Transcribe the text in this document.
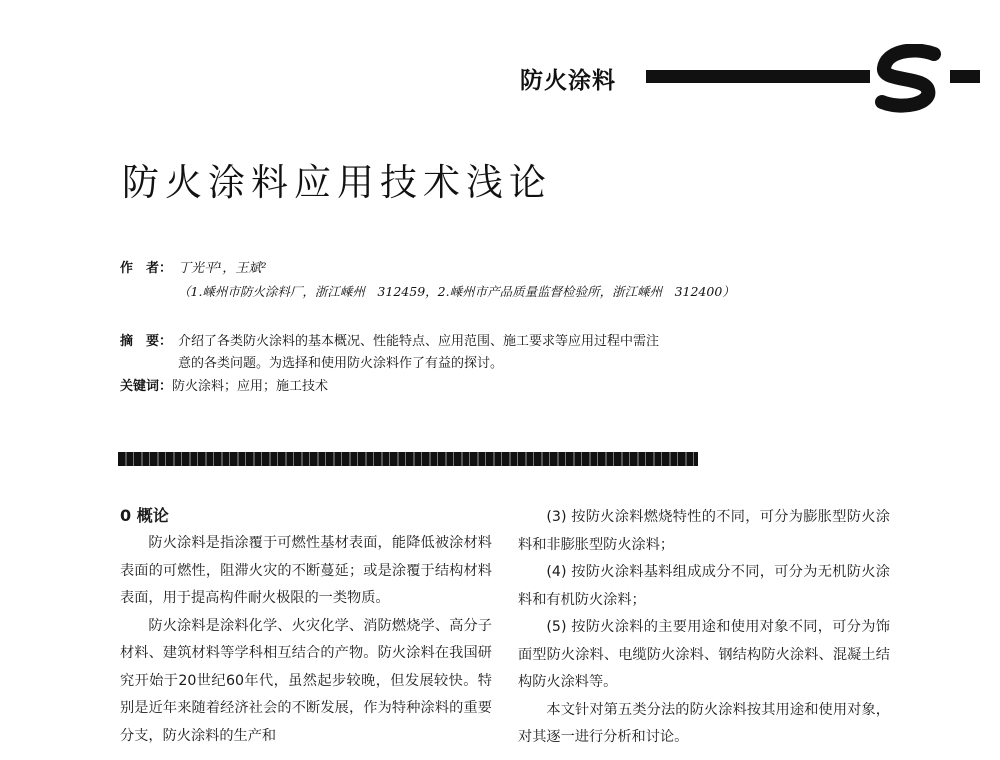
防火涂料
防火涂料应用技术浅论
作　者： 丁光平¹，王斌²
（1.嵊州市防火涂料厂，浙江嵊州　312459，2.嵊州市产品质量监督检验所，浙江嵊州　312400）
摘　要： 介绍了各类防火涂料的基本概况、性能特点、应用范围、施工要求等应用过程中需注
意的各类问题。为选择和使用防火涂料作了有益的探讨。
关键词：防火涂料；应用；施工技术
0 概论

防火涂料是指涂覆于可燃性基材表面，能降低被涂材料表面的可燃性，阻滞火灾的不断蔓延；或是涂覆于结构材料表面，用于提高构件耐火极限的一类物质。

防火涂料是涂料化学、火灾化学、消防燃烧学、高分子材料、建筑材料等学科相互结合的产物。防火涂料在我国研究开始于20世纪60年代，虽然起步较晚，但发展较快。特别是近年来随着经济社会的不断发展，作为特种涂料的重要分支，防火涂料的生产和

(3) 按防火涂料燃烧特性的不同，可分为膨胀型防火涂料和非膨胀型防火涂料；

(4) 按防火涂料基料组成成分不同，可分为无机防火涂料和有机防火涂料；

(5) 按防火涂料的主要用途和使用对象不同，可分为饰面型防火涂料、电缆防火涂料、钢结构防火涂料、混凝土结构防火涂料等。

本文针对第五类分法的防火涂料按其用途和使用对象，对其逐一进行分析和讨论。
